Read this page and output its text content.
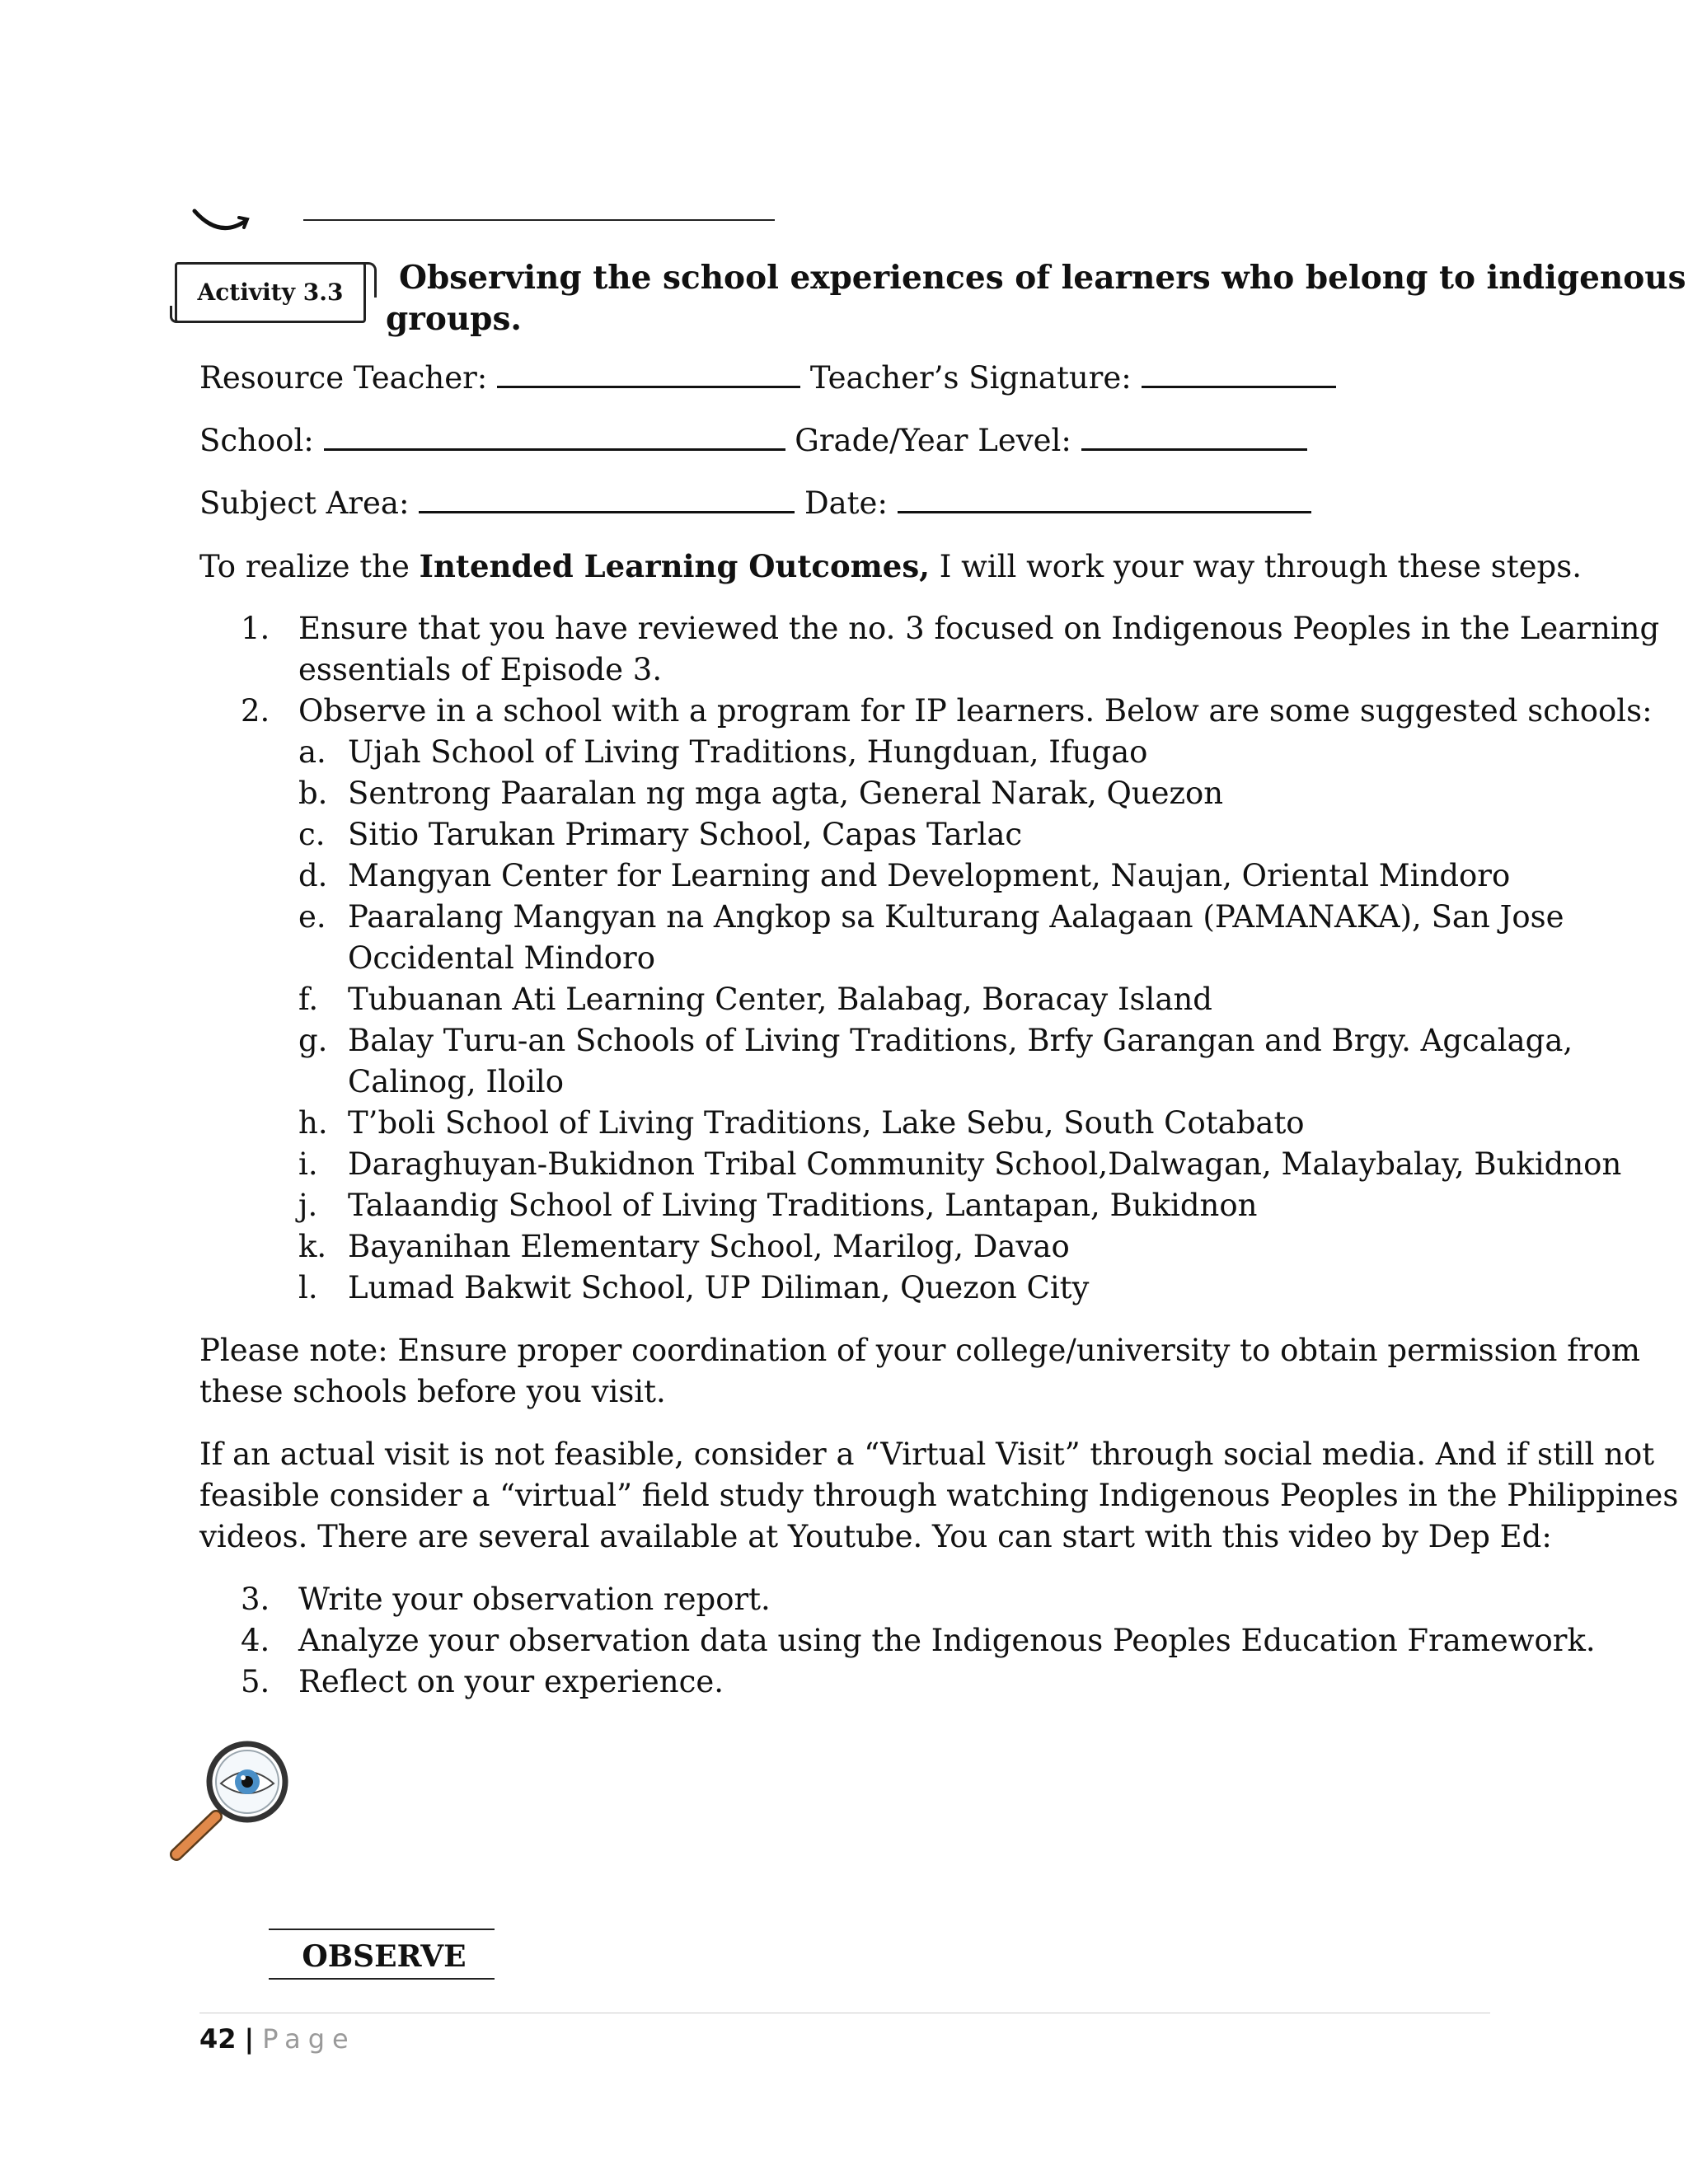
Activity 3.3	Observing the school experiences of learners who belong to indigenous
groups.
Resource Teacher:	Teacher’s Signature:
School:	Grade/Year Level:
Subject Area:	Date:
To realize the Intended Learning Outcomes, I will work your way through these steps.
1. Ensure that you have reviewed the no. 3 focused on Indigenous Peoples in the Learning
essentials of Episode 3.
2. Observe in a school with a program for IP learners. Below are some suggested schools:
a. Ujah School of Living Traditions, Hungduan, Ifugao
b. Sentrong Paaralan ng mga agta, General Narak, Quezon
c. Sitio Tarukan Primary School, Capas Tarlac
d. Mangyan Center for Learning and Development, Naujan, Oriental Mindoro
e. Paaralang Mangyan na Angkop sa Kulturang Aalagaan (PAMANAKA), San Jose
Occidental Mindoro
f. Tubuanan Ati Learning Center, Balabag, Boracay Island
g. Balay Turu-an Schools of Living Traditions, Brfy Garangan and Brgy. Agcalaga,
Calinog, Iloilo
h. T’boli School of Living Traditions, Lake Sebu, South Cotabato
i. Daraghuyan-Bukidnon Tribal Community School,Dalwagan, Malaybalay, Bukidnon
j. Talaandig School of Living Traditions, Lantapan, Bukidnon
k. Bayanihan Elementary School, Marilog, Davao
l. Lumad Bakwit School, UP Diliman, Quezon City
Please note: Ensure proper coordination of your college/university to obtain permission from
these schools before you visit.
If an actual visit is not feasible, consider a “Virtual Visit” through social media. And if still not
feasible consider a “virtual” field study through watching Indigenous Peoples in the Philippines
videos. There are several available at Youtube. You can start with this video by Dep Ed:
3. Write your observation report.
4. Analyze your observation data using the Indigenous Peoples Education Framework.
5. Reflect on your experience.
OBSERVE
42 | Page
